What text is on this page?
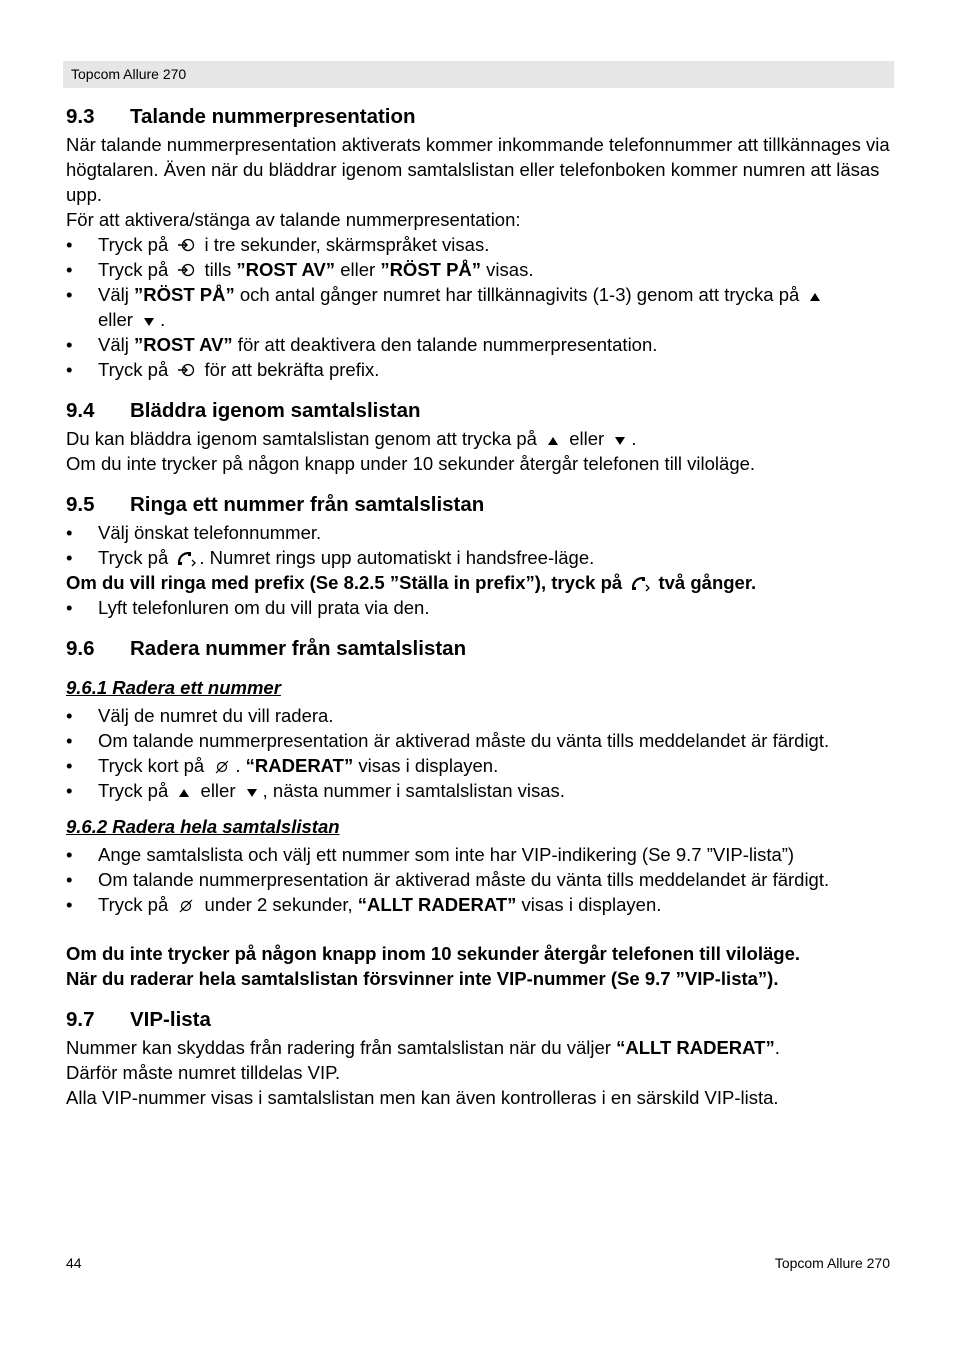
Topcom Allure 270
9.3	Talande nummerpresentation

När talande nummerpresentation aktiverats kommer inkommande telefonnummer att tillkännages via högtalaren. Även när du bläddrar igenom samtalslistan eller telefonboken kommer numren att läsas upp.

För att aktivera/stänga av talande nummerpresentation:

• Tryck på
i tre sekunder, skärmspråket visas.
• Tryck på
tills ”ROST AV” eller ”RÖST PÅ” visas.
• Välj ”RÖST PÅ” och antal gånger numret har tillkännagivits (1-3) genom att trycka på

eller
.
• Välj ”ROST AV” för att deaktivera den talande nummerpresentation.
• Tryck på
för att bekräfta prefix.
9.4	Bläddra igenom samtalslistan

Du kan bläddra igenom samtalslistan genom att trycka på
eller
.

Om du inte trycker på någon knapp under 10 sekunder återgår telefonen till viloläge.

9.5	Ringa ett nummer från samtalslistan
• Välj önskat telefonnummer.
• Tryck på
. Numret rings upp automatiskt i handsfree-läge.

Om du vill ringa med prefix (Se 8.2.5 ”Ställa in prefix”), tryck på
två gånger.

• Lyft telefonluren om du vill prata via den.
9.6	Radera nummer från samtalslistan
9.6.1 Radera ett nummer
• Välj de numret du vill radera.
• Om talande nummerpresentation är aktiverad måste du vänta tills meddelandet är färdigt.
• Tryck kort på
. “RADERAT” visas i displayen.
• Tryck på
eller
, nästa nummer i samtalslistan visas.
9.6.2 Radera hela samtalslistan
• Ange samtalslista och välj ett nummer som inte har VIP-indikering (Se 9.7 ”VIP-lista”)
• Om talande nummerpresentation är aktiverad måste du vänta tills meddelandet är färdigt.
• Tryck på
under 2 sekunder, “ALLT RADERAT” visas i displayen.

Om du inte trycker på någon knapp inom 10 sekunder återgår telefonen till viloläge.

När du raderar hela samtalslistan försvinner inte VIP-nummer (Se 9.7 ”VIP-lista”).

9.7	VIP-lista

Nummer kan skyddas från radering från samtalslistan när du väljer “ALLT RADERAT”.

Därför måste numret tilldelas VIP.

Alla VIP-nummer visas i samtalslistan men kan även kontrolleras i en särskild VIP-lista.

44	Topcom Allure 270
